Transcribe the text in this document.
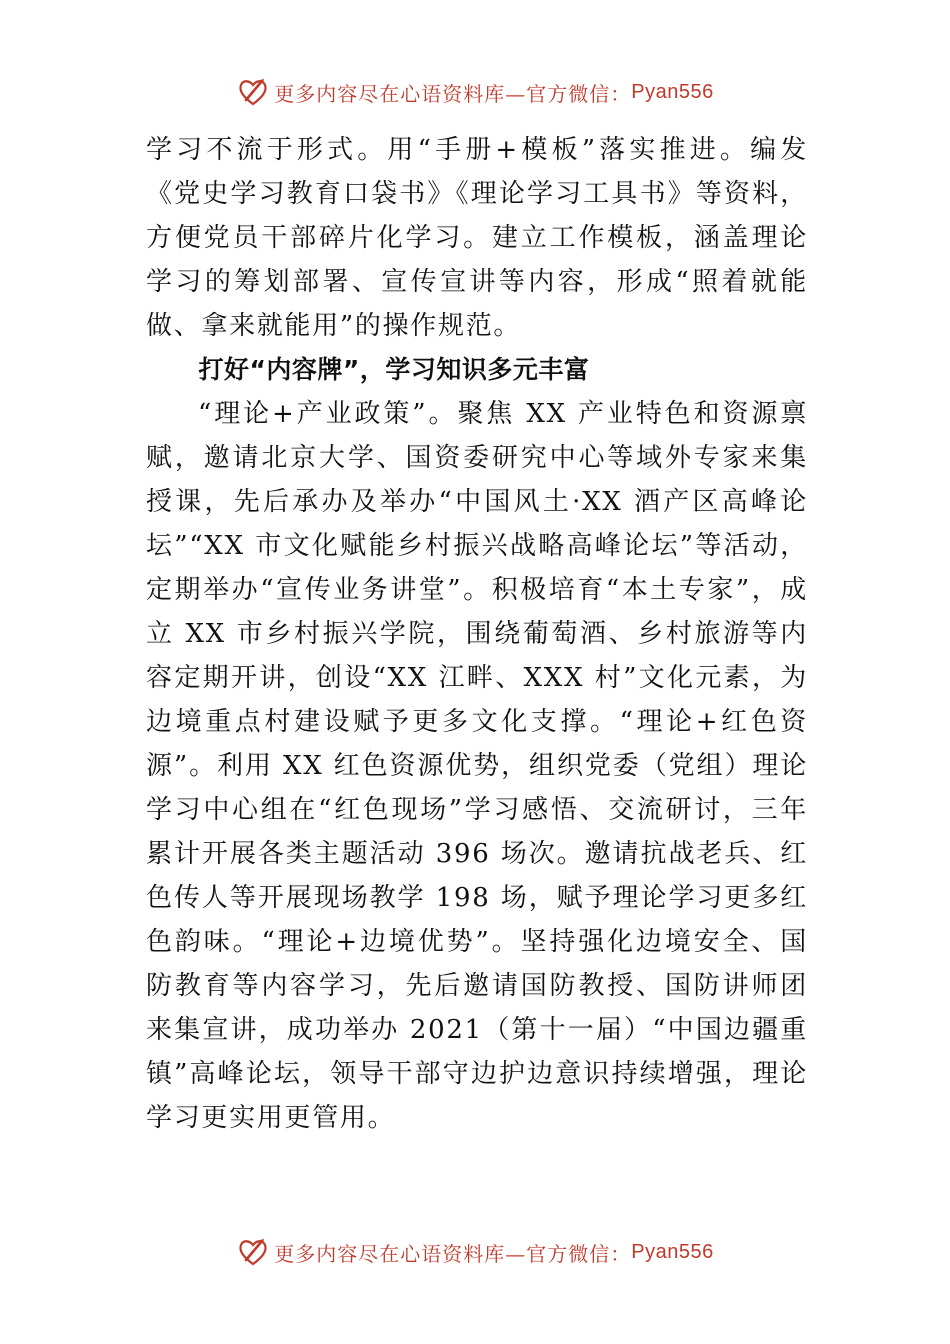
更多内容尽在心语资料库—官方微信： Pyan556

学习不流于形式。用“手册+模板”落实推进。编发《党史学习教育口袋书》《理论学习工具书》等资料，方便党员干部碎片化学习。建立工作模板，涵盖理论学习的筹划部署、宣传宣讲等内容，形成“照着就能做、拿来就能用”的操作规范。

打好“内容牌”，学习知识多元丰富

“理论+产业政策”。聚焦 XX 产业特色和资源禀赋，邀请北京大学、国资委研究中心等域外专家来集授课，先后承办及举办“中国风土·XX 酒产区高峰论坛”“XX 市文化赋能乡村振兴战略高峰论坛”等活动，定期举办“宣传业务讲堂”。积极培育“本土专家”，成立 XX 市乡村振兴学院，围绕葡萄酒、乡村旅游等内容定期开讲，创设“XX 江畔、XXX 村”文化元素，为边境重点村建设赋予更多文化支撑。“理论+红色资源”。利用 XX 红色资源优势，组织党委（党组）理论学习中心组在“红色现场”学习感悟、交流研讨，三年累计开展各类主题活动 396 场次。邀请抗战老兵、红色传人等开展现场教学 198 场，赋予理论学习更多红色韵味。“理论+边境优势”。坚持强化边境安全、国防教育等内容学习，先后邀请国防教授、国防讲师团来集宣讲，成功举办 2021（第十一届）“中国边疆重镇”高峰论坛，领导干部守边护边意识持续增强，理论学习更实用更管用。

更多内容尽在心语资料库—官方微信： Pyan556
